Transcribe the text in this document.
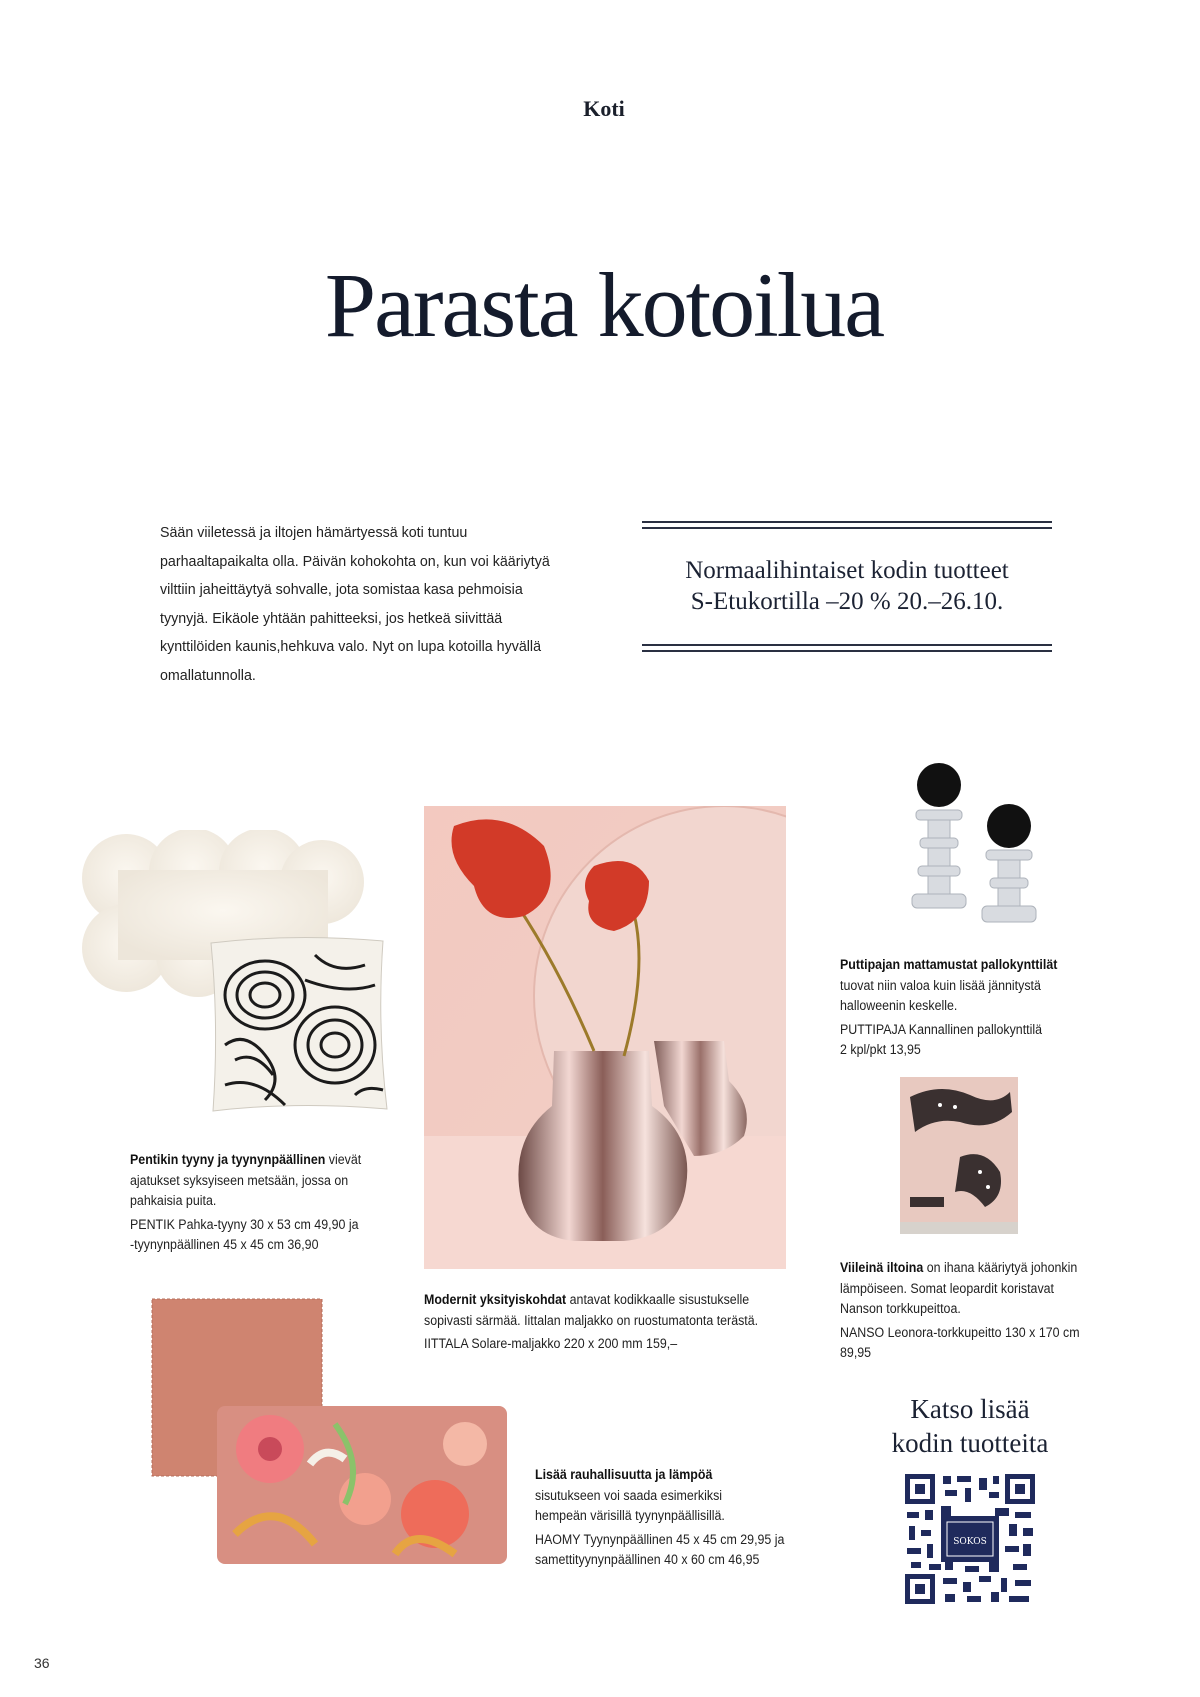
Koti
Parasta kotoilua
Sään viiletessä ja iltojen hämärtyessä koti tuntuu parhaaltapaikalta olla. Päivän kohokohta on, kun voi kääriytyä vilttiin jaheittäytyä sohvalle, jota somistaa kasa pehmoisia tyynyjä. Eikäole yhtään pahitteeksi, jos hetkeä siivittää kynttilöiden kaunis,hehkuva valo. Nyt on lupa kotoilla hyvällä omallatunnolla.
Normaalihintaiset kodin tuotteet
S-Etukortilla –20 % 20.–26.10.

Pentikin tyyny ja tyynynpäällinen vievät
ajatukset syksyiseen metsään, jossa on
pahkaisia puita.

PENTIK Pahka-tyyny 30 x 53 cm 49,90 ja
-tyynynpäällinen 45 x 45 cm 36,90

Modernit yksityiskohdat antavat kodikkaalle sisustukselle
sopivasti särmää. Iittalan maljakko on ruostumatonta terästä.

IITTALA Solare-maljakko 220 x 200 mm 159,–

Puttipajan mattamustat pallokynttilät
tuovat niin valoa kuin lisää jännitystä
halloweenin keskelle.

PUTTIPAJA Kannallinen pallokynttilä
2 kpl/pkt 13,95

Viileinä iltoina on ihana kääriytyä johonkin
lämpöiseen. Somat leopardit koristavat
Nanson torkkupeittoa.

NANSO Leonora-torkkupeitto 130 x 170 cm
89,95

Lisää rauhallisuutta ja lämpöä
sisutukseen voi saada esimerkiksi
hempeän värisillä tyynynpäällisillä.

HAOMY Tyynynpäällinen 45 x 45 cm 29,95 ja
samettityynynpäällinen 40 x 60 cm 46,95

Katso lisää
kodin tuotteita
SOKOS
36
